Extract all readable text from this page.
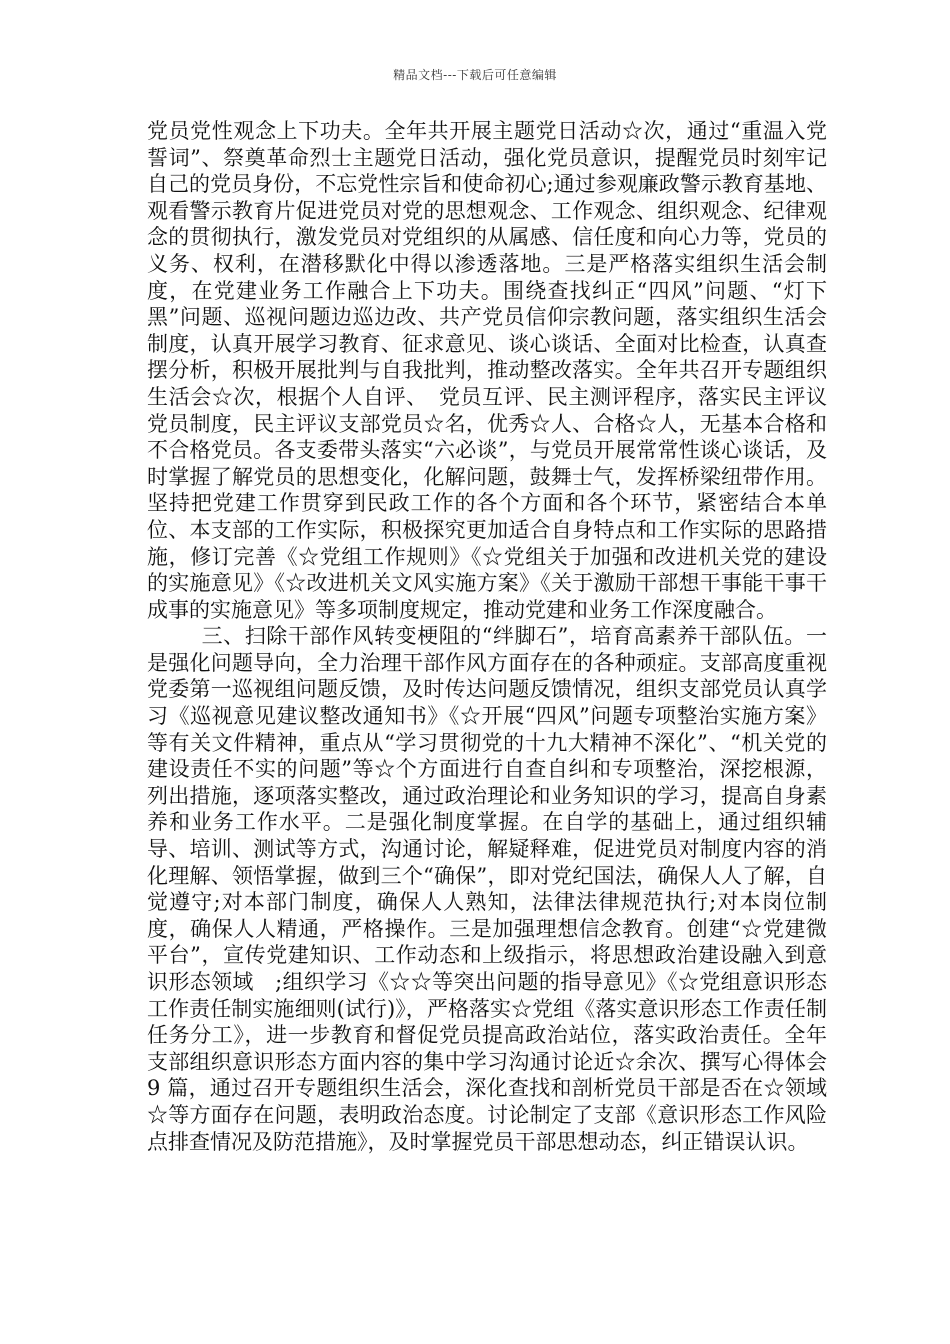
精品文档---下载后可任意编辑

党员党性观念上下功夫。全年共开展主题党日活动☆次，通过“重温入党誓词”、祭奠革命烈士主题党日活动，强化党员意识，提醒党员时刻牢记自己的党员身份，不忘党性宗旨和使命初心;通过参观廉政警示教育基地、观看警示教育片促进党员对党的思想观念、工作观念、组织观念、纪律观念的贯彻执行，激发党员对党组织的从属感、信任度和向心力等，党员的义务、权利，在潜移默化中得以渗透落地。三是严格落实组织生活会制度，在党建业务工作融合上下功夫。围绕查找纠正“四风”问题、“灯下黑”问题、巡视问题边巡边改、共产党员信仰宗教问题，落实组织生活会制度，认真开展学习教育、征求意见、谈心谈话、全面对比检查，认真查摆分析，积极开展批判与自我批判，推动整改落实。全年共召开专题组织生活会☆次，根据个人自评、　党员互评、民主测评程序，落实民主评议党员制度，民主评议支部党员☆名，优秀☆人、合格☆人，无基本合格和不合格党员。各支委带头落实“六必谈”，与党员开展常常性谈心谈话，及时掌握了解党员的思想变化，化解问题，鼓舞士气，发挥桥梁纽带作用。坚持把党建工作贯穿到民政工作的各个方面和各个环节，紧密结合本单位、本支部的工作实际，积极探究更加适合自身特点和工作实际的思路措施，修订完善《☆党组工作规则》《☆党组关于加强和改进机关党的建设的实施意见》《☆改进机关文风实施方案》《关于激励干部想干事能干事干成事的实施意见》等多项制度规定，推动党建和业务工作深度融合。

三、扫除干部作风转变梗阻的“绊脚石”，培育高素养干部队伍。一是强化问题导向，全力治理干部作风方面存在的各种顽症。支部高度重视党委第一巡视组问题反馈，及时传达问题反馈情况，组织支部党员认真学习《巡视意见建议整改通知书》《☆开展“四风”问题专项整治实施方案》等有关文件精神，重点从“学习贯彻党的十九大精神不深化”、“机关党的建设责任不实的问题”等☆个方面进行自查自纠和专项整治，深挖根源，列出措施，逐项落实整改，通过政治理论和业务知识的学习，提高自身素养和业务工作水平。二是强化制度掌握。在自学的基础上，通过组织辅导、培训、测试等方式，沟通讨论，解疑释难，促进党员对制度内容的消化理解、领悟掌握，做到三个“确保”，即对党纪国法，确保人人了解，自觉遵守;对本部门制度，确保人人熟知，法律法律规范执行;对本岗位制度，确保人人精通，严格操作。三是加强理想信念教育。创建“☆党建微平台”，宣传党建知识、工作动态和上级指示，将思想政治建设融入到意识形态领域　;组织学习《☆☆等突出问题的指导意见》《☆党组意识形态工作责任制实施细则(试行)》，严格落实☆党组《落实意识形态工作责任制任务分工》，进一步教育和督促党员提高政治站位，落实政治责任。全年支部组织意识形态方面内容的集中学习沟通讨论近☆余次、撰写心得体会 9 篇，通过召开专题组织生活会，深化查找和剖析党员干部是否在☆领域☆等方面存在问题，表明政治态度。讨论制定了支部《意识形态工作风险点排查情况及防范措施》，及时掌握党员干部思想动态，纠正错误认识。
